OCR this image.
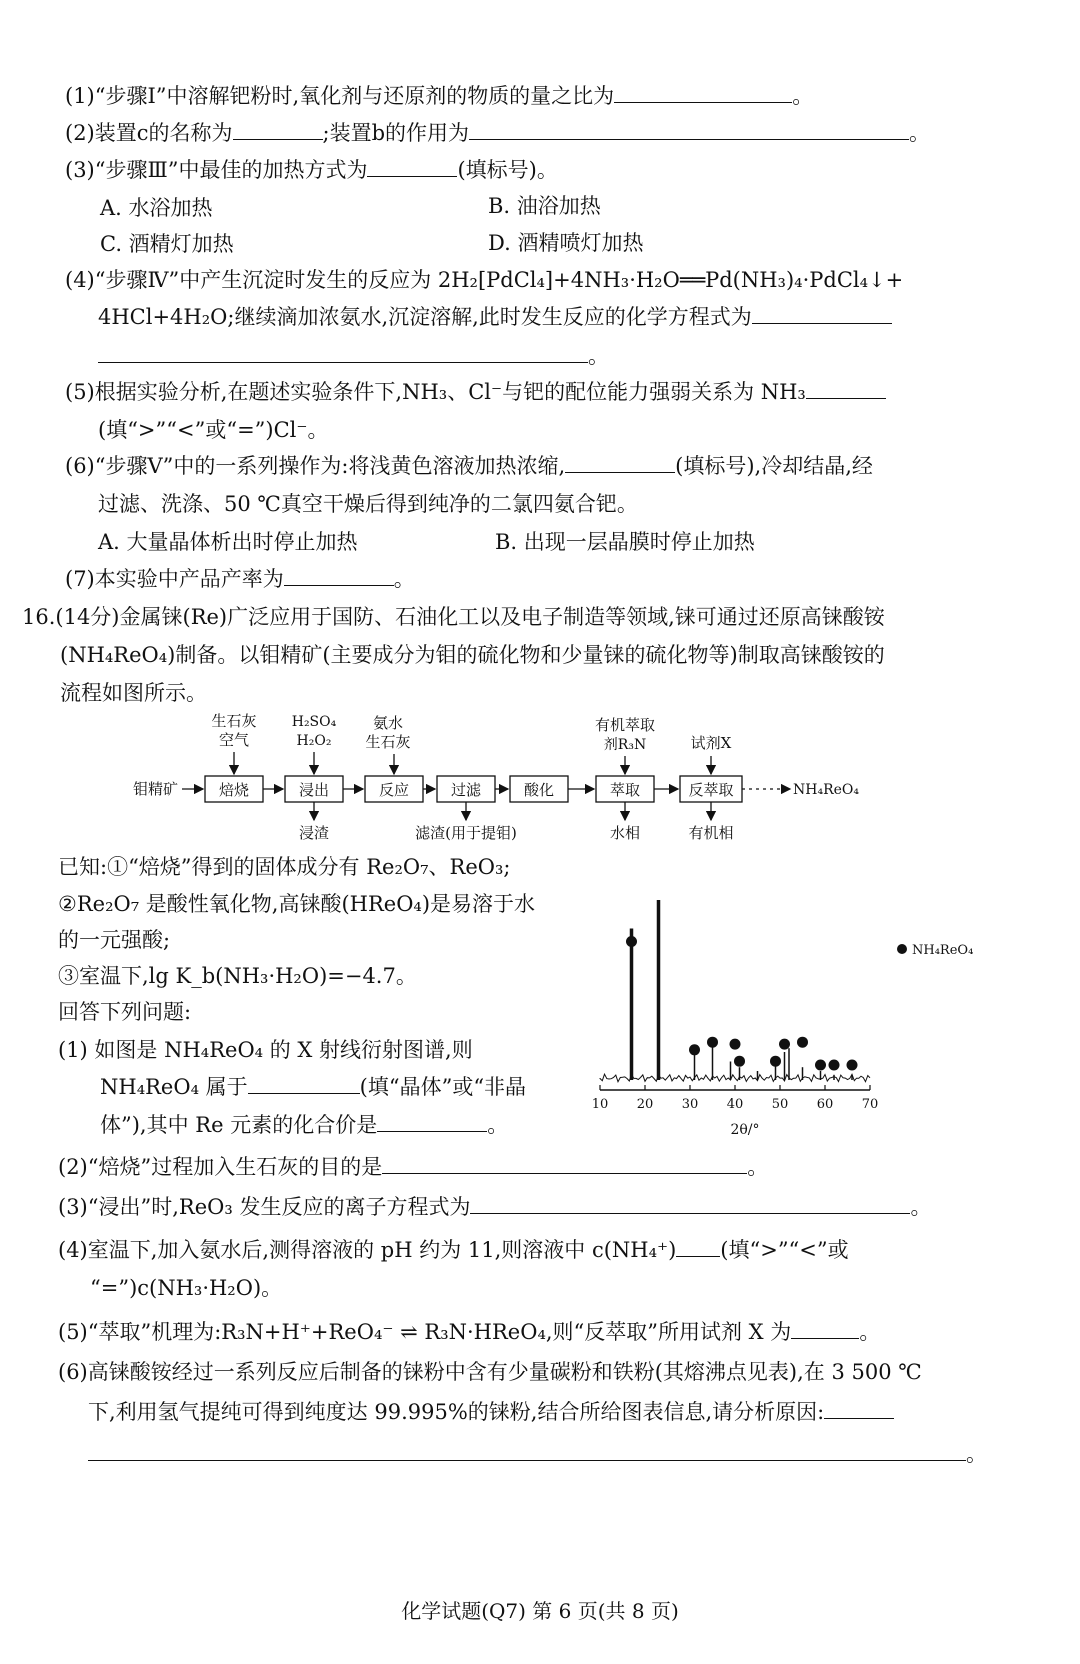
(1)“步骤Ⅰ”中溶解钯粉时,氧化剂与还原剂的物质的量之比为	。
(2)装置c的名称为	;装置b的作用为	。
(3)“步骤Ⅲ”中最佳的加热方式为	(填标号)。
A. 水浴加热	B. 油浴加热
C. 酒精灯加热	D. 酒精喷灯加热
(4)“步骤Ⅳ”中产生沉淀时发生的反应为 2H₂[PdCl₄]+4NH₃·H₂O══Pd(NH₃)₄·PdCl₄↓+
4HCl+4H₂O;继续滴加浓氨水,沉淀溶解,此时发生反应的化学方程式为
。
(5)根据实验分析,在题述实验条件下,NH₃、Cl⁻与钯的配位能力强弱关系为 NH₃
(填“>”“<”或“=”)Cl⁻。
(6)“步骤Ⅴ”中的一系列操作为:将浅黄色溶液加热浓缩,	(填标号),冷却结晶,经
过滤、洗涤、50 ℃真空干燥后得到纯净的二氯四氨合钯。
A. 大量晶体析出时停止加热	B. 出现一层晶膜时停止加热
(7)本实验中产品产率为	。
16.(14分)金属铼(Re)广泛应用于国防、石油化工以及电子制造等领域,铼可通过还原高铼酸铵
(NH₄ReO₄)制备。以钼精矿(主要成分为钼的硫化物和少量铼的硫化物等)制取高铼酸铵的
流程如图所示。
钼精矿	焙烧	浸出	反应	过滤	酸化	萃取	反萃取	NH₄ReO₄
生石灰
空气
H₂SO₄
H₂O₂
氨水
生石灰
有机萃取
剂R₃N	试剂X
浸渣	滤渣(用于提钼)	水相	有机相
已知:①“焙烧”得到的固体成分有 Re₂O₇、ReO₃;
②Re₂O₇ 是酸性氧化物,高铼酸(HReO₄)是易溶于水
的一元强酸;
③室温下,lg K_b(NH₃·H₂O)=−4.7。
回答下列问题:
(1) 如图是 NH₄ReO₄ 的 X 射线衍射图谱,则
NH₄ReO₄ 属于	(填“晶体”或“非晶
体”),其中 Re 元素的化合价是	。
10 20 30 40 50 60 70
2θ/°
NH₄ReO₄
(2)“焙烧”过程加入生石灰的目的是	。
(3)“浸出”时,ReO₃ 发生反应的离子方程式为	。
(4)室温下,加入氨水后,测得溶液的 pH 约为 11,则溶液中 c(NH₄⁺) (填“>”“<”或
“=”)c(NH₃·H₂O)。
(5)“萃取”机理为:R₃N+H⁺+ReO₄⁻ ⇌ R₃N·HReO₄,则“反萃取”所用试剂 X 为	。
(6)高铼酸铵经过一系列反应后制备的铼粉中含有少量碳粉和铁粉(其熔沸点见表),在 3 500 ℃
下,利用氢气提纯可得到纯度达 99.995%的铼粉,结合所给图表信息,请分析原因:
。
化学试题(Q7) 第 6 页(共 8 页)
